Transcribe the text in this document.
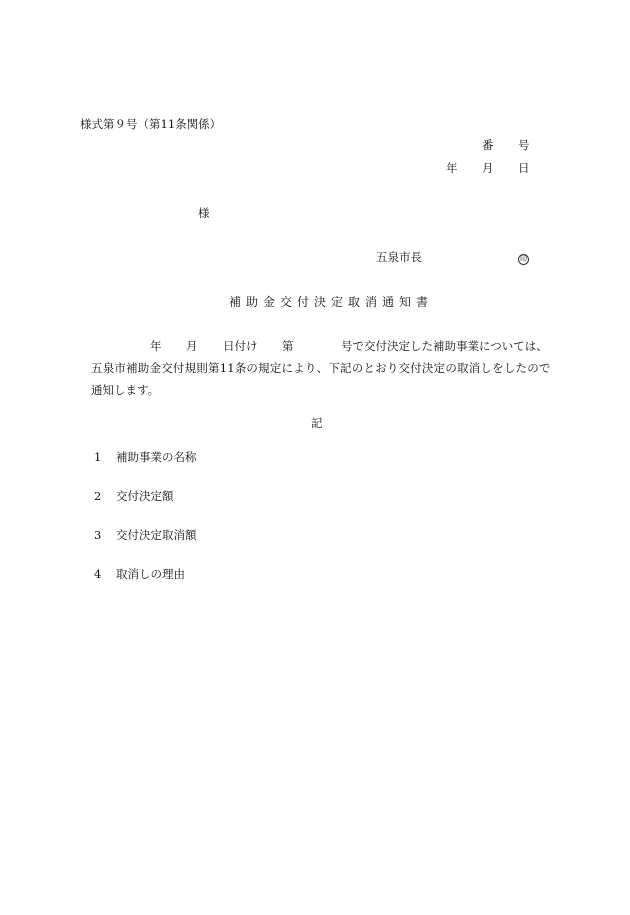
様式第９号（第11条関係）
番 号
年 月 日
様
五泉市長	印
補助金交付決定取消通知書
年 月 日付け 第	号で交付決定した補助事業については、
五泉市補助金交付規則第11条の規定により、下記のとおり交付決定の取消しをしたので
通知します。
記
1 補助事業の名称
2 交付決定額
3 交付決定取消額
4 取消しの理由
